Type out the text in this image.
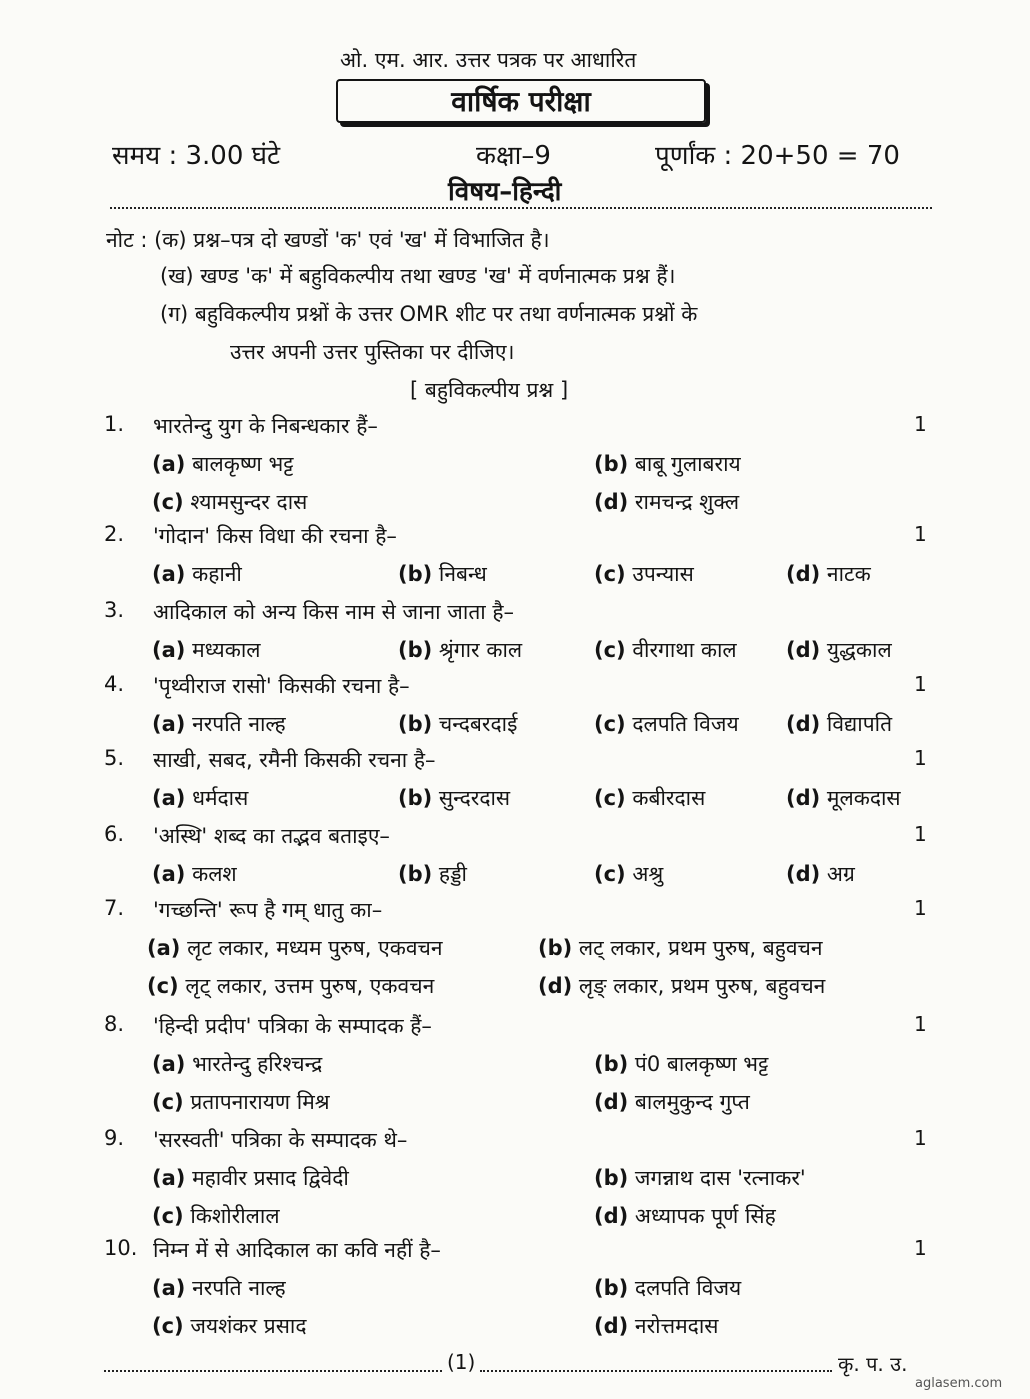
ओ. एम. आर. उत्तर पत्रक पर आधारित
वार्षिक परीक्षा
समय : 3.00 घंटे	कक्षा–9	पूर्णांक : 20+50 = 70
विषय–हिन्दी
नोट : (क) प्रश्न–पत्र दो खण्डों 'क' एवं 'ख' में विभाजित है।
(ख) खण्ड 'क' में बहुविकल्पीय तथा खण्ड 'ख' में वर्णनात्मक प्रश्न हैं।
(ग) बहुविकल्पीय प्रश्नों के उत्तर OMR शीट पर तथा वर्णनात्मक प्रश्नों के
उत्तर अपनी उत्तर पुस्तिका पर दीजिए।
[ बहुविकल्पीय प्रश्न ]
1.	भारतेन्दु युग के निबन्धकार हैं–	1
(a) बालकृष्ण भट्ट	(b) बाबू गुलाबराय
(c) श्यामसुन्दर दास	(d) रामचन्द्र शुक्ल
2.	'गोदान' किस विधा की रचना है–	1
(a) कहानी	(b) निबन्ध	(c) उपन्यास	(d) नाटक
3.	आदिकाल को अन्य किस नाम से जाना जाता है–
(a) मध्यकाल	(b) श्रृंगार काल	(c) वीरगाथा काल (d) युद्धकाल
4.	'पृथ्वीराज रासो' किसकी रचना है–	1
(a) नरपति नाल्ह	(b) चन्दबरदाई	(c) दलपति विजय (d) विद्यापति
5.	साखी, सबद, रमैनी किसकी रचना है–	1
(a) धर्मदास	(b) सुन्दरदास	(c) कबीरदास	(d) मूलकदास
6.	'अस्थि' शब्द का तद्भव बताइए–	1
(a) कलश	(b) हड्डी	(c) अश्रु	(d) अग्र
7.	'गच्छन्ति' रूप है गम् धातु का–	1
(a) लृट लकार, मध्यम पुरुष, एकवचन	(b) लट् लकार, प्रथम पुरुष, बहुवचन
(c) लृट् लकार, उत्तम पुरुष, एकवचन	(d) लृङ् लकार, प्रथम पुरुष, बहुवचन
8.	'हिन्दी प्रदीप' पत्रिका के सम्पादक हैं–	1
(a) भारतेन्दु हरिश्चन्द्र	(b) पं0 बालकृष्ण भट्ट
(c) प्रतापनारायण मिश्र	(d) बालमुकुन्द गुप्त
9.	'सरस्वती' पत्रिका के सम्पादक थे–	1
(a) महावीर प्रसाद द्विवेदी	(b) जगन्नाथ दास 'रत्नाकर'
(c) किशोरीलाल	(d) अध्यापक पूर्ण सिंह
10. निम्न में से आदिकाल का कवि नहीं है–	1
(a) नरपति नाल्ह	(b) दलपति विजय
(c) जयशंकर प्रसाद	(d) नरोत्तमदास
(1)	कृ. प. उ.
aglasem.com
